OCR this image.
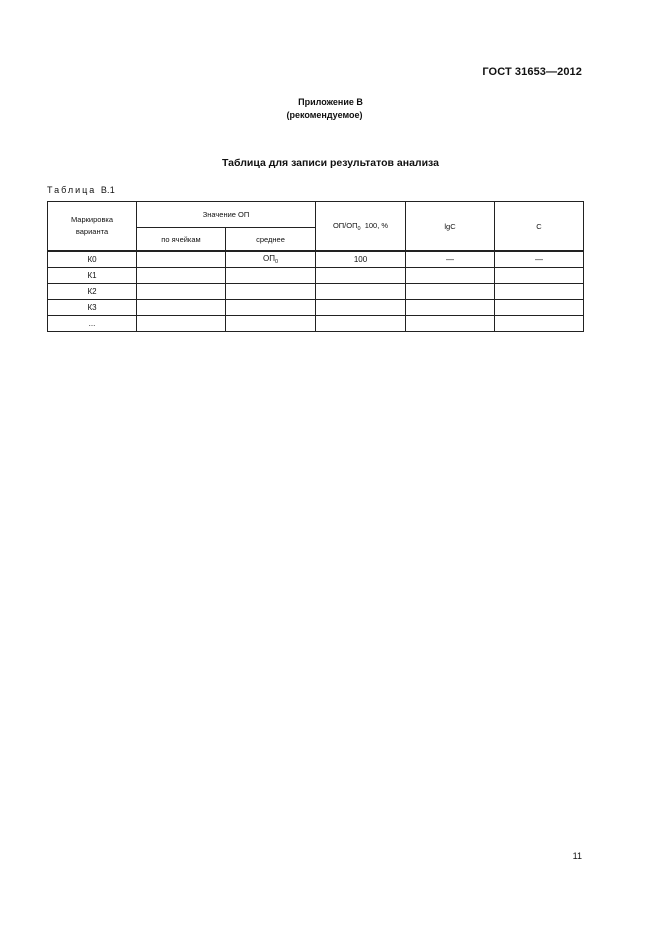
ГОСТ 31653—2012
Приложение В
(рекомендуемое)
Таблица для записи результатов анализа
Таблица В.1
Маркировка
варианта	Значение ОП		$ОП/ОП_0$ 100, %	lgC	C
	по ячейкам	среднее			
К0		$ОП_0$	100	—	—
К1					
К2					
К3					
...					
11
